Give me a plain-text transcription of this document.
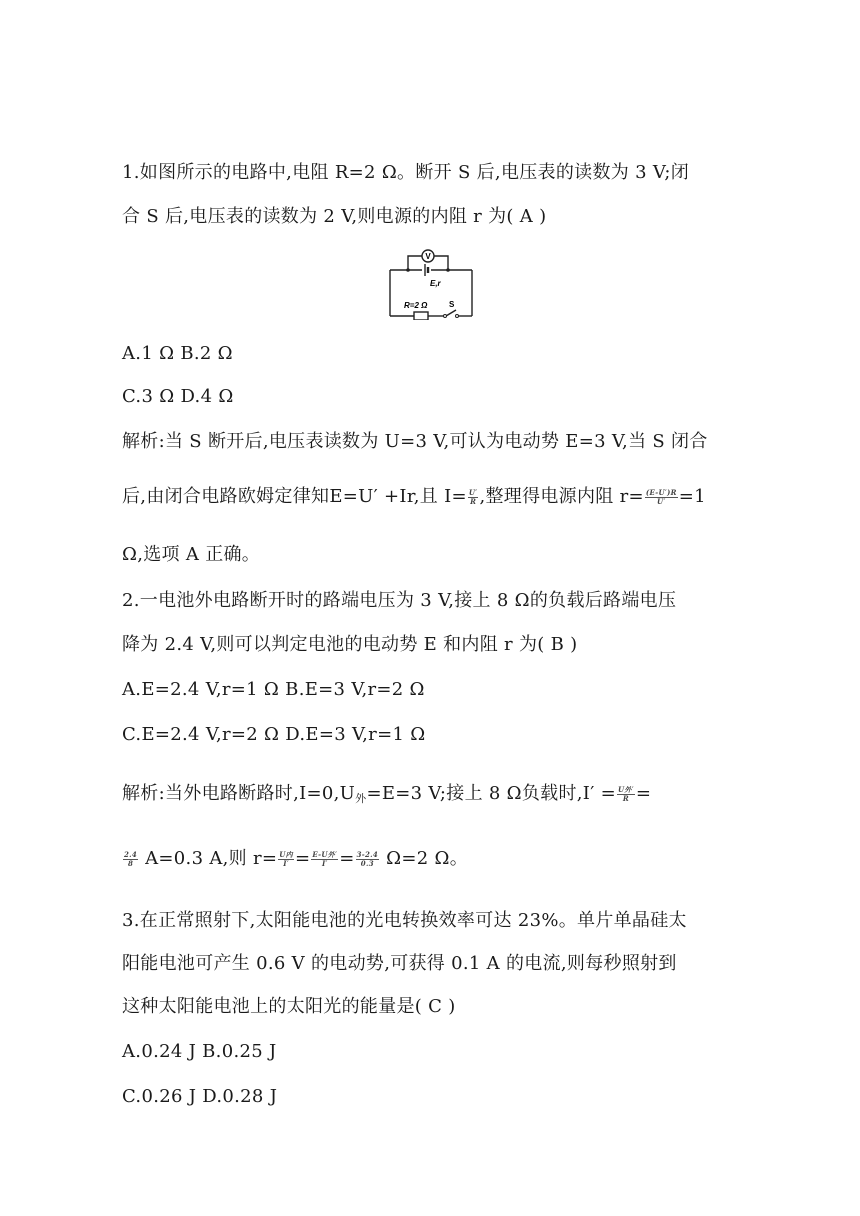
1.如图所示的电路中,电阻 R=2 Ω。断开 S 后,电压表的读数为 3 V;闭
合 S 后,电压表的读数为 2 V,则电源的内阻 r 为( A )
V
E,r
R=2 Ω	S
A.1 Ω B.2 Ω
C.3 Ω D.4 Ω
解析:当 S 断开后,电压表读数为 U=3 V,可认为电动势 E=3 V,当 S 闭合
后,由闭合电路欧姆定律知E=U′ +Ir,且 $I= \frac{U'}{R}$ ,整理得电源内阻 $r= \frac{(E-U')R}{U'} =1$
Ω,选项 A 正确。
2.一电池外电路断开时的路端电压为 3 V,接上 8 Ω的负载后路端电压
降为 2.4 V,则可以判定电池的电动势 E 和内阻 r 为( B )
A.E=2.4 V,r=1 Ω B.E=3 V,r=2 Ω
C.E=2.4 V,r=2 Ω D.E=3 V,r=1 Ω
解析:当外电路断路时$,I=0,U_外=E=3$ V;接上 8 Ω负载时$,I' = \frac{\text{U外′}}{R}$ =
$\frac{2.4}{8} A=0.3$ A,则 $r= \frac{\text{U内}}{I'} = \frac{\text{E-U外′}}{I'} = \frac{3-2.4}{0.3} \Omega=2$ Ω。
3.在正常照射下,太阳能电池的光电转换效率可达 23%。单片单晶硅太
阳能电池可产生 0.6 V 的电动势,可获得 0.1 A 的电流,则每秒照射到
这种太阳能电池上的太阳光的能量是( C )
A.0.24 J B.0.25 J
C.0.26 J D.0.28 J
